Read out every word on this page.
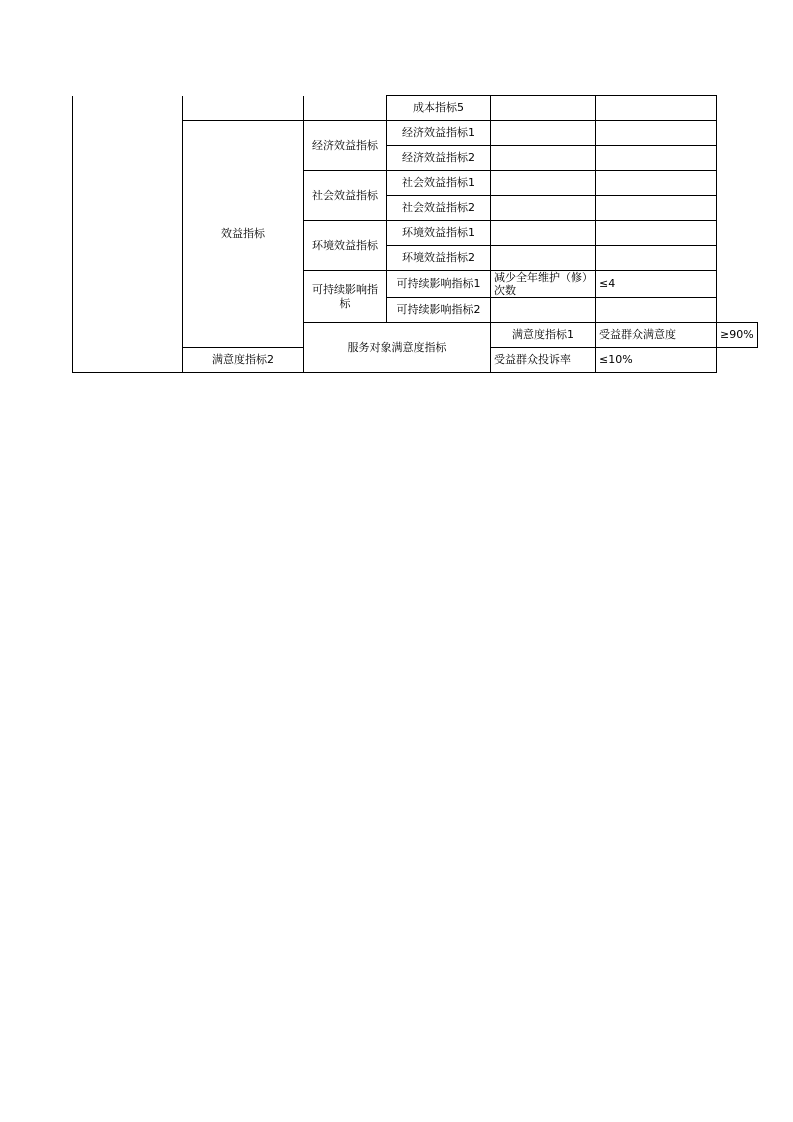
			成本指标5			
	效益指标	经济效益指标	经济效益指标1			
			经济效益指标2			
		社会效益指标	社会效益指标1			
			社会效益指标2			
		环境效益指标	环境效益指标1			
			环境效益指标2			
		可持续影响指标	可持续影响指标1	减少全年维护（修）次数	≤4	
			可持续影响指标2			
		服务对象满意度指标		满意度指标1	受益群众满意度	≥90%
	满意度指标2			受益群众投诉率	≤10%	
